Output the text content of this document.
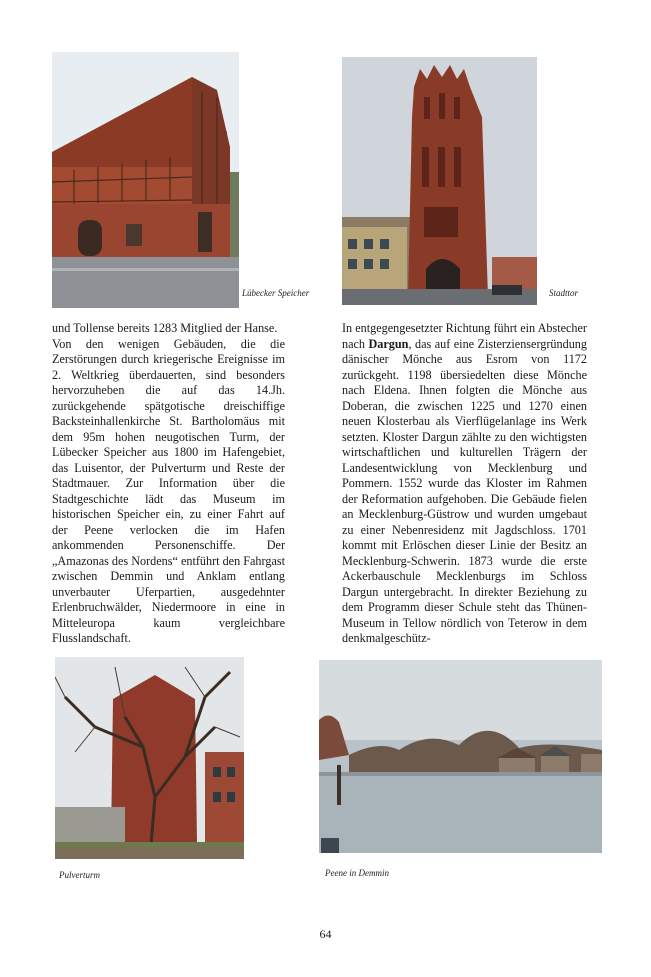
Lübecker Speicher	Stadttor

und Tollense bereits 1283 Mitglied der Hanse.

Von den wenigen Gebäuden, die die Zerstörungen durch kriegerische Ereignisse im 2. Weltkrieg überdauerten, sind besonders hervorzuheben die auf das 14.Jh. zurückgehende spätgotische dreischiffige Backsteinhallenkirche St. Bartholomäus mit dem 95m hohen neugotischen Turm, der Lübecker Speicher aus 1800 im Hafengebiet, das Luisentor, der Pulverturm und Reste der Stadtmauer. Zur Information über die Stadtgeschichte lädt das Museum im historischen Speicher ein, zu einer Fahrt auf der Peene verlocken die im Hafen ankommenden Personenschiffe. Der „Amazonas des Nordens“ entführt den Fahrgast zwischen Demmin und Anklam entlang unverbauter Uferpartien, ausgedehnter Erlenbruchwälder, Niedermoore in eine in Mitteleuropa kaum vergleichbare Flusslandschaft.

In entgegengesetzter Richtung führt ein Abstecher nach Dargun, das auf eine Zisterziensergründung dänischer Mönche aus Esrom von 1172 zurückgeht. 1198 übersiedelten diese Mönche nach Eldena. Ihnen folgten die Mönche aus Doberan, die zwischen 1225 und 1270 einen neuen Klosterbau als Vierflügelanlage ins Werk setzten. Kloster Dargun zählte zu den wichtigsten wirtschaftlichen und kulturellen Trägern der Landesentwicklung von Mecklenburg und Pommern. 1552 wurde das Kloster im Rahmen der Reformation aufgehoben. Die Gebäude fielen an Mecklenburg-Güstrow und wurden umgebaut zu einer Nebenresidenz mit Jagdschloss. 1701 kommt mit Erlöschen dieser Linie der Besitz an Mecklenburg-Schwerin. 1873 wurde die erste Ackerbauschule Mecklenburgs im Schloss Dargun untergebracht. In direkter Beziehung zu dem Programm dieser Schule steht das Thünen-Museum in Tellow nördlich von Teterow in dem denkmalgeschütz-

Pulverturm	Peene in Demmin
64
